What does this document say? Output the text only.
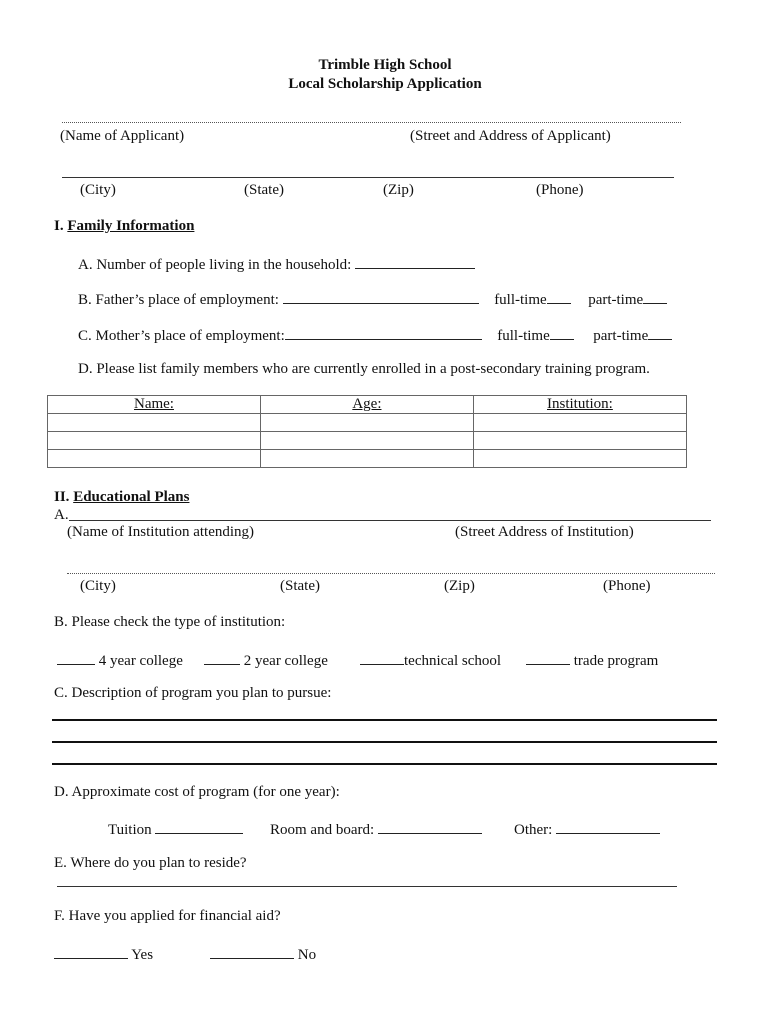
Trimble High School
Local Scholarship Application
(Name of Applicant)	(Street and Address of Applicant)
(City)	(State)	(Zip)	(Phone)
I. Family Information
A. Number of people living in the household:
B. Father’s place of employment:	full-time	part-time
C. Mother’s place of employment:	full-time	part-time
D. Please list family members who are currently enrolled in a post-secondary training program.
Name:	Age:	Institution:

II. Educational Plans
A.
(Name of Institution attending)	(Street Address of Institution)
(City)	(State)	(Zip)	(Phone)
B. Please check the type of institution:
4 year college	2 year college	technical school	trade program
C. Description of program you plan to pursue:
D. Approximate cost of program (for one year):
Tuition	Room and board:	Other:
E. Where do you plan to reside?
F. Have you applied for financial aid?
Yes	No
